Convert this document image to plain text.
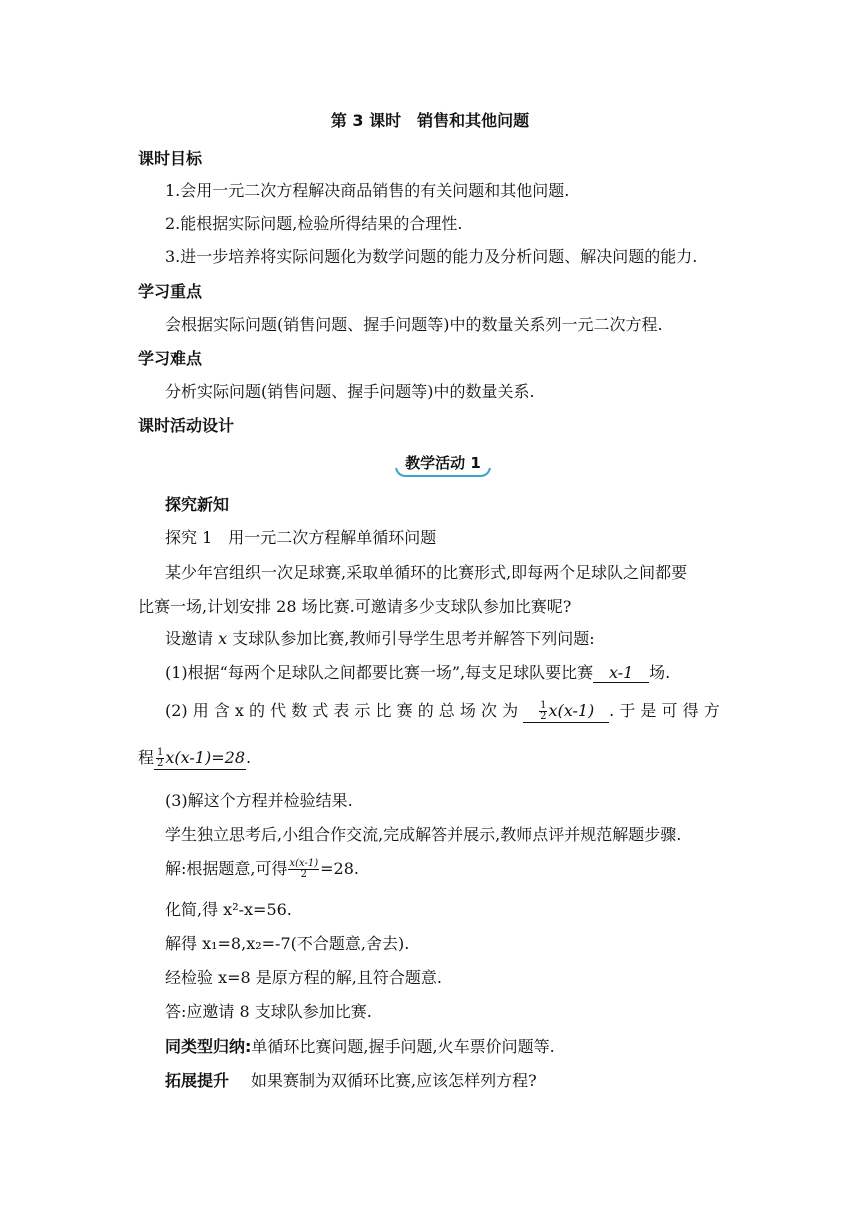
第 3 课时　销售和其他问题
课时目标
1.会用一元二次方程解决商品销售的有关问题和其他问题.
2.能根据实际问题,检验所得结果的合理性.
3.进一步培养将实际问题化为数学问题的能力及分析问题、解决问题的能力.
学习重点
会根据实际问题(销售问题、握手问题等)中的数量关系列一元二次方程.
学习难点
分析实际问题(销售问题、握手问题等)中的数量关系.
课时活动设计
教学活动 1
探究新知
探究 1　用一元二次方程解单循环问题
某少年宫组织一次足球赛,采取单循环的比赛形式,即每两个足球队之间都要
比赛一场,计划安排 28 场比赛.可邀请多少支球队参加比赛呢?
设邀请 x 支球队参加比赛,教师引导学生思考并解答下列问题:
(1)根据“每两个足球队之间都要比赛一场”,每支足球队要比赛 x-1 场.
(2) 用 含 x 的 代 数 式 表 示 比 赛 的 总 场 次 为 $\frac{1}{2} x(x-1)$ . 于 是 可 得 方
程 $\frac{1}{2} x(x-1)=28$.
(3)解这个方程并检验结果.
学生独立思考后,小组合作交流,完成解答并展示,教师点评并规范解题步骤.
解:根据题意,可得 $\frac{x(x-1)}{2} =28$.
化简,得 x²-x=56.
解得 x₁=8,x₂=-7(不合题意,舍去).
经检验 x=8 是原方程的解,且符合题意.
答:应邀请 8 支球队参加比赛.
同类型归纳:单循环比赛问题,握手问题,火车票价问题等.
拓展提升 如果赛制为双循环比赛,应该怎样列方程?
